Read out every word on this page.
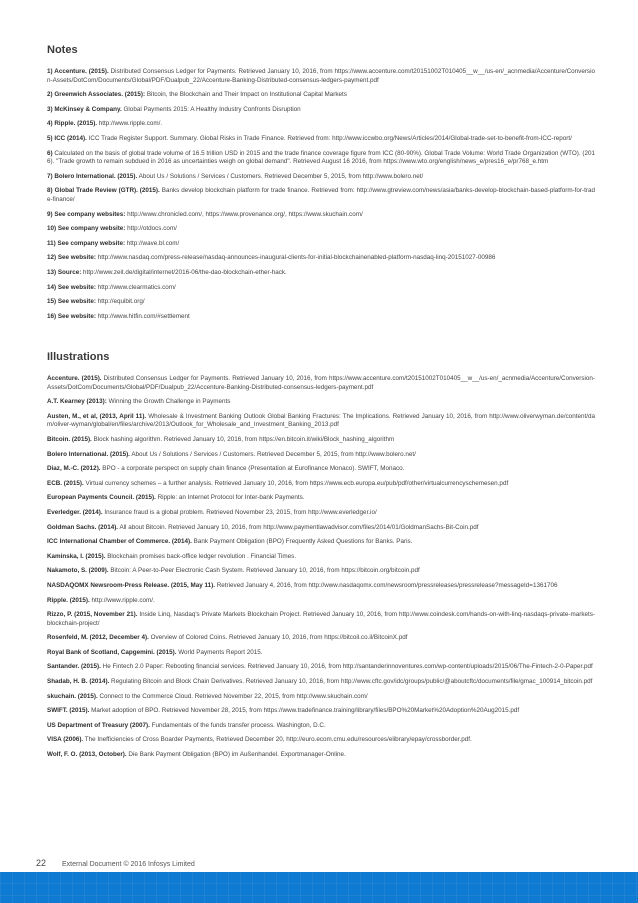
Notes

1) Accenture. (2015). Distributed Consensus Ledger for Payments. Retrieved January 10, 2016, from https://www.accenture.com/t20151002T010405__w__/us-en/_acnmedia/Accenture/Conversion-Assets/DotCom/Documents/Global/PDF/Dualpub_22/Accenture-Banking-Distributed-consensus-ledgers-payment.pdf

2) Greenwich Associates. (2015): Bitcoin, the Blockchain and Their Impact on Institutional Capital Markets

3) McKinsey & Company. Global Payments 2015: A Healthy Industry Confronts Disruption

4) Ripple. (2015). http://www.ripple.com/.

5) ICC (2014). ICC Trade Register Support. Summary. Global Risks in Trade Finance. Retrieved from: http://www.iccwbo.org/News/Articles/2014/Global-trade-set-to-benefit-from-ICC-report/

6) Calculated on the basis of global trade volume of 16.5 trillion USD in 2015 and the trade finance coverage figure from ICC (80-90%). Global Trade Volume: World Trade Organization (WTO). (2016). "Trade growth to remain subdued in 2016 as uncertainties weigh on global demand". Retrieved August 16 2016, from https://www.wto.org/english/news_e/pres16_e/pr768_e.htm

7) Bolero International. (2015). About Us / Solutions / Services / Customers. Retrieved December 5, 2015, from http://www.bolero.net/

8) Global Trade Review (GTR). (2015). Banks develop blockchain platform for trade finance. Retrieved from: http://www.gtreview.com/news/asia/banks-develop-blockchain-based-platform-for-trade-finance/

9) See company websites: http://www.chronicled.com/, https://www.provenance.org/, https://www.skuchain.com/

10) See company website: http://otdocs.com/

11) See company website: http://wave.bl.com/

12) See website: http://www.nasdaq.com/press-release/nasdaq-announces-inaugural-clients-for-initial-blockchainenabled-platform-nasdaq-linq-20151027-00986

13) Source: http://www.zeit.de/digital/internet/2016-06/the-dao-blockchain-ether-hack.

14) See website: http://www.clearmatics.com/

15) See website: http://equibit.org/

16) See website: http://www.hitfin.com/#settlement

Illustrations

Accenture. (2015). Distributed Consensus Ledger for Payments. Retrieved January 10, 2016, from https://www.accenture.com/t20151002T010405__w__/us-en/_acnmedia/Accenture/Conversion-Assets/DotCom/Documents/Global/PDF/Dualpub_22/Accenture-Banking-Distributed-consensus-ledgers-payment.pdf

A.T. Kearney (2013): Winning the Growth Challenge in Payments

Austen, M., et al, (2013, April 11). Wholesale & Investment Banking Outlook Global Banking Fractures: The Implications. Retrieved January 10, 2016, from http://www.oliverwyman.de/content/dam/oliver-wyman/global/en/files/archive/2013/Outlook_for_Wholesale_and_Investment_Banking_2013.pdf

Bitcoin. (2015). Block hashing algorithm. Retrieved January 10, 2016, from https://en.bitcoin.it/wiki/Block_hashing_algorithm

Bolero International. (2015). About Us / Solutions / Services / Customers. Retrieved December 5, 2015, from http://www.bolero.net/

Diaz, M.-C. (2012). BPO - a corporate perspect on supply chain finance (Presentation at Eurofinance Monaco). SWIFT, Monaco.

ECB. (2015). Virtual currency schemes – a further analysis. Retrieved January 10, 2016, from https://www.ecb.europa.eu/pub/pdf/other/virtualcurrencyschemesen.pdf

European Payments Council. (2015). Ripple: an Internet Protocol for Inter-bank Payments.

Everledger. (2014). Insurance fraud is a global problem. Retrieved November 23, 2015, from http://www.everledger.io/

Goldman Sachs. (2014). All about Bitcoin. Retrieved January 10, 2016, from http://www.paymentlawadvisor.com/files/2014/01/GoldmanSachs-Bit-Coin.pdf

ICC International Chamber of Commerce. (2014). Bank Payment Obligation (BPO) Frequently Asked Questions for Banks. Paris.

Kaminska, I. (2015). Blockchain promises back-office ledger revolution . Financial Times.

Nakamoto, S. (2009). Bitcoin: A Peer-to-Peer Electronic Cash System. Retrieved January 10, 2016, from https://bitcoin.org/bitcoin.pdf

NASDAQOMX Newsroom-Press Release. (2015, May 11). Retrieved January 4, 2016, from http://www.nasdaqomx.com/newsroom/pressreleases/pressrelease?messageId=1361706

Ripple. (2015). http://www.ripple.com/.

Rizzo, P. (2015, November 21). Inside Linq, Nasdaq's Private Markets Blockchain Project. Retrieved January 10, 2016, from http://www.coindesk.com/hands-on-with-linq-nasdaqs-private-markets-blockchain-project/

Rosenfeld, M. (2012, December 4). Overview of Colored Coins. Retrieved January 10, 2016, from https://bitcoil.co.il/BitcoinX.pdf

Royal Bank of Scotland, Capgemini. (2015). World Payments Report 2015.

Santander. (2015). He Fintech 2.0 Paper: Rebooting financial services. Retrieved January 10, 2016, from http://santanderinnoventures.com/wp-content/uploads/2015/06/The-Fintech-2-0-Paper.pdf

Shadab, H. B. (2014). Regulating Bitcoin and Block Chain Derivatives. Retrieved January 10, 2016, from http://www.cftc.gov/idc/groups/public/@aboutcftc/documents/file/gmac_100914_bitcoin.pdf

skuchain. (2015). Connect to the Commerce Cloud. Retrieved November 22, 2015, from http://www.skuchain.com/

SWIFT. (2015). Market adoption of BPO. Retrieved November 28, 2015, from https://www.tradefinance.training/library/files/BPO%20Market%20Adoption%20Aug2015.pdf

US Department of Treasury (2007). Fundamentals of the funds transfer process. Washington, D.C.

VISA (2006). The Inefficiencies of Cross Boarder Payments, Retrieved December 20, http://euro.ecom.cmu.edu/resources/elibrary/epay/crossborder.pdf.

Wolf, F. O. (2013, October). Die Bank Payment Obligation (BPO) im Außenhandel. Exportmanager-Online.

22 External Document © 2016 Infosys Limited
